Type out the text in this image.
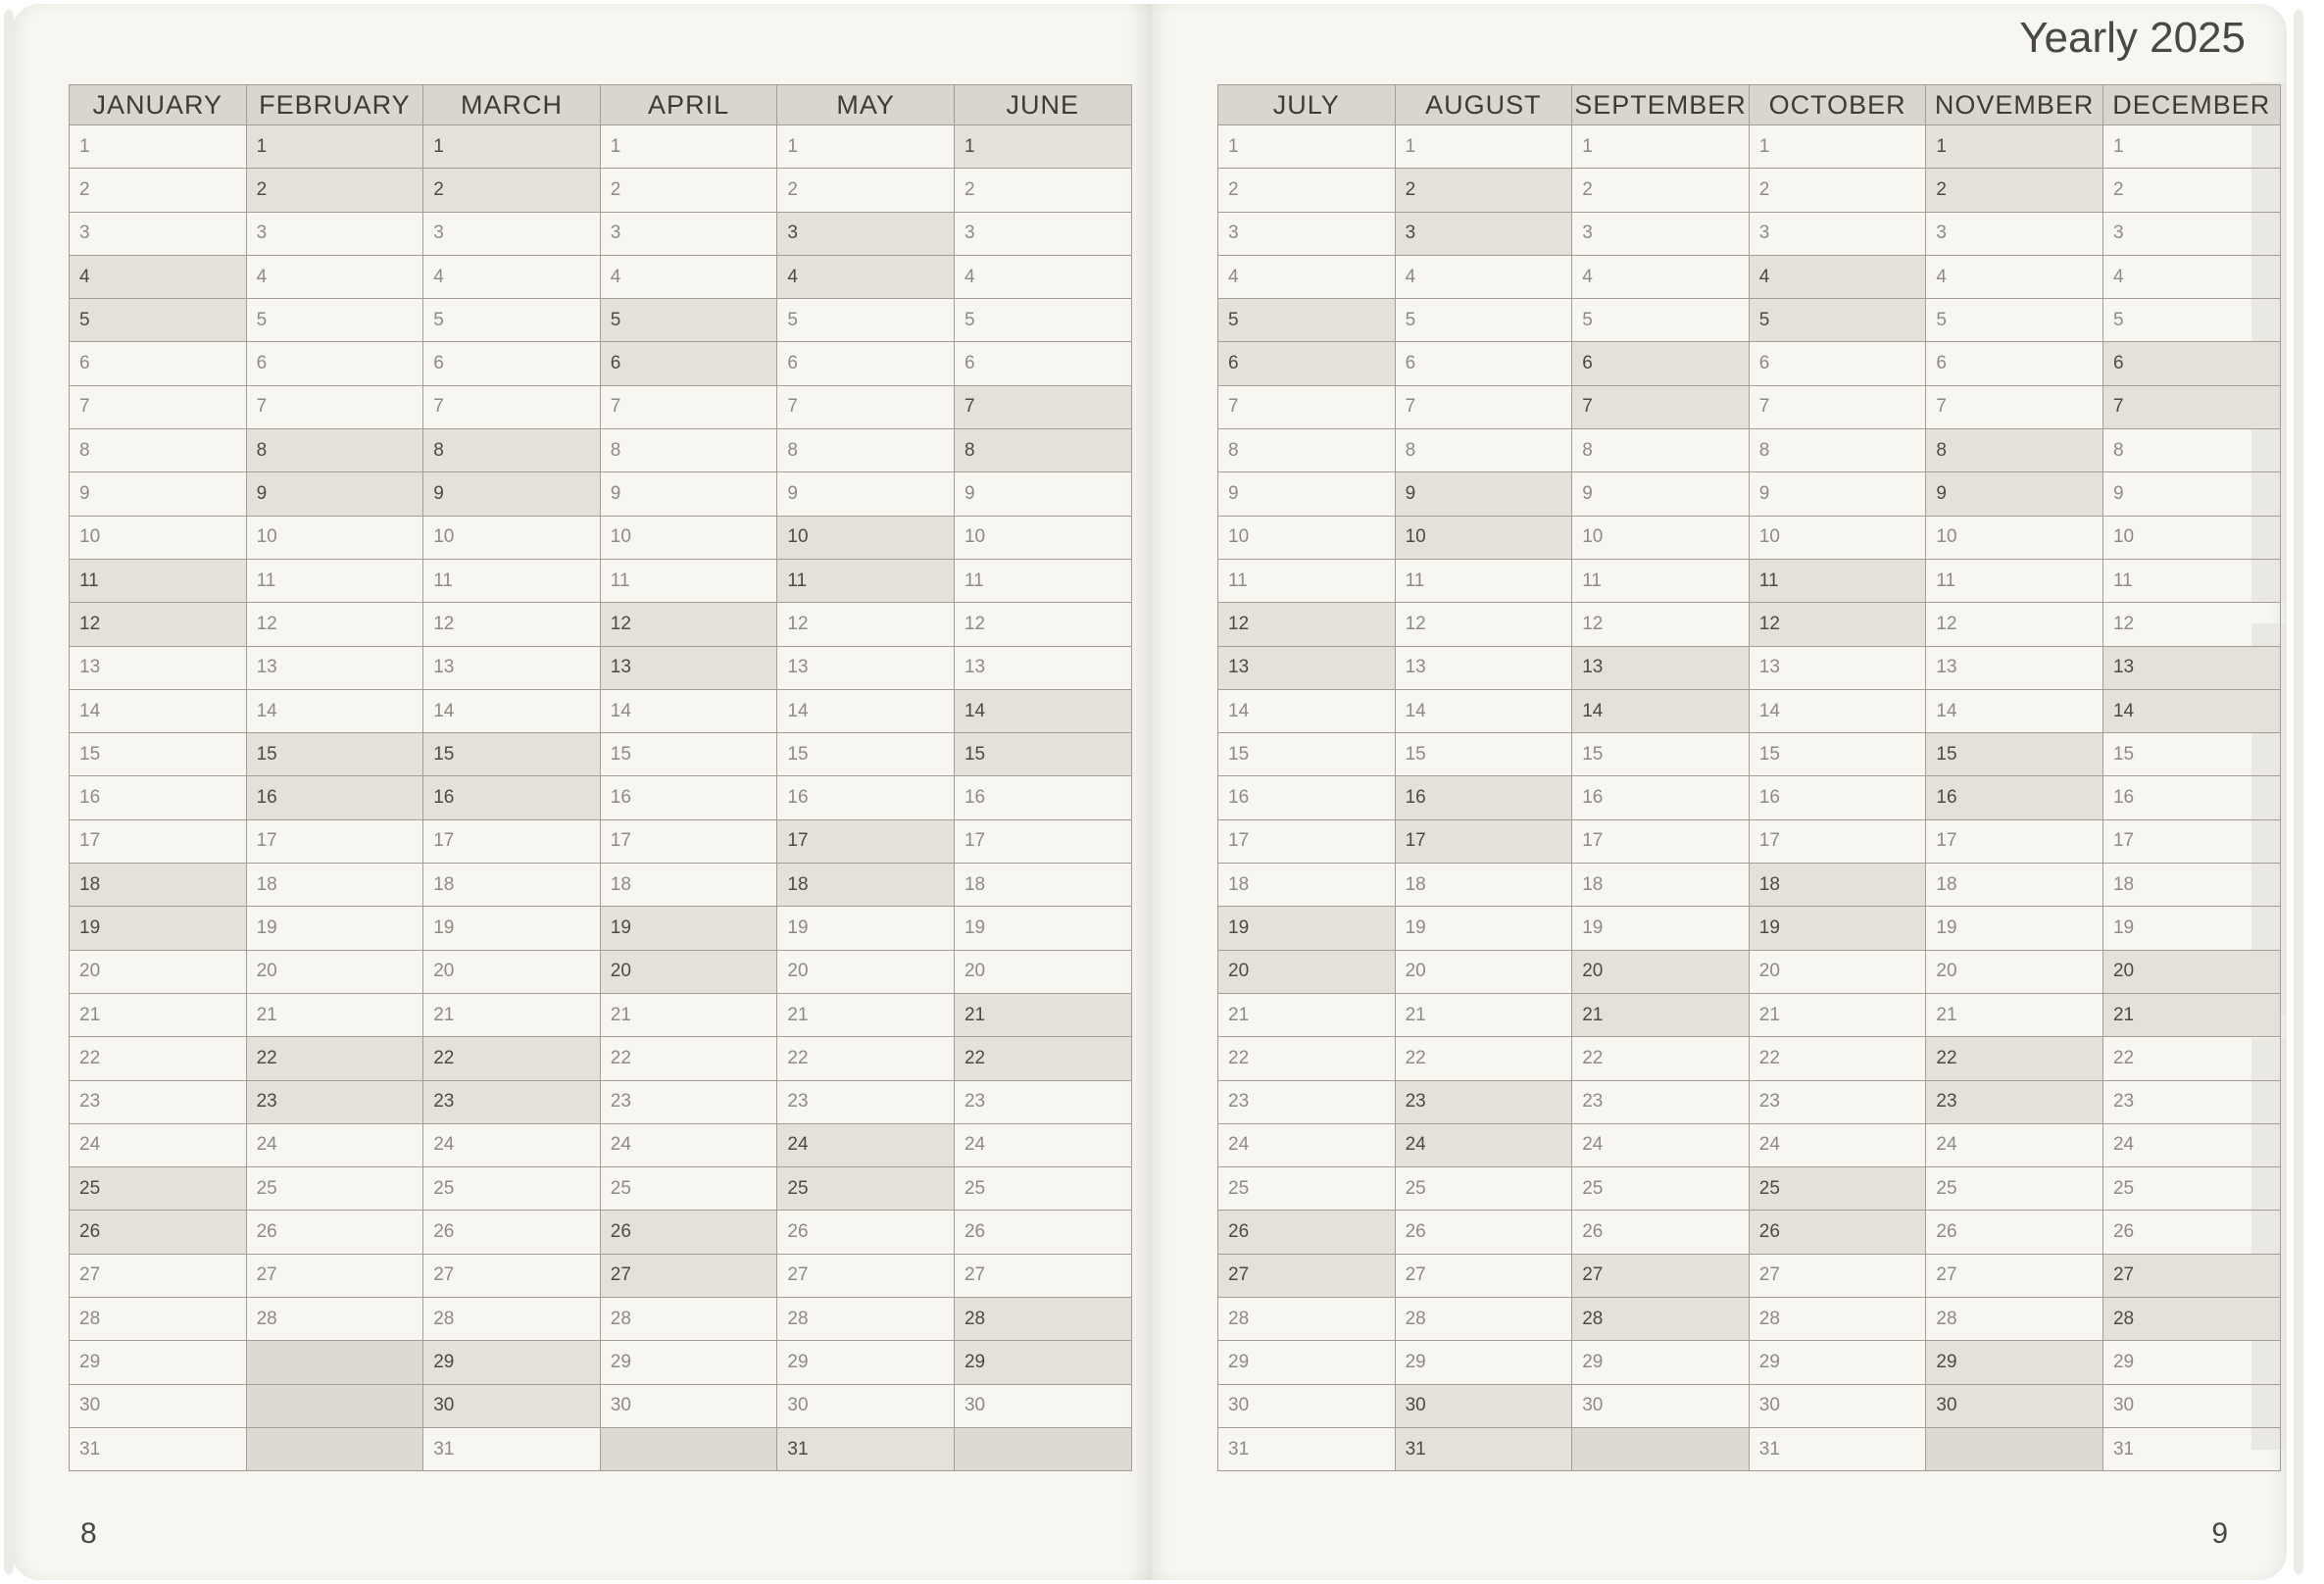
8	9
Yearly 2025
JANUARY	FEBRUARY	MARCH	APRIL	MAY	JUNE
1	1	1	1	1	1
2	2	2	2	2	2
3	3	3	3	3	3
4	4	4	4	4	4
5	5	5	5	5	5
6	6	6	6	6	6
7	7	7	7	7	7
8	8	8	8	8	8
9	9	9	9	9	9
10	10	10	10	10	10
11	11	11	11	11	11
12	12	12	12	12	12
13	13	13	13	13	13
14	14	14	14	14	14
15	15	15	15	15	15
16	16	16	16	16	16
17	17	17	17	17	17
18	18	18	18	18	18
19	19	19	19	19	19
20	20	20	20	20	20
21	21	21	21	21	21
22	22	22	22	22	22
23	23	23	23	23	23
24	24	24	24	24	24
25	25	25	25	25	25
26	26	26	26	26	26
27	27	27	27	27	27
28	28	28	28	28	28
29		29	29	29	29
30		30	30	30	30
31		31		31	
JULY	AUGUST	SEPTEMBER	OCTOBER	NOVEMBER	DECEMBER
1	1	1	1	1	1
2	2	2	2	2	2
3	3	3	3	3	3
4	4	4	4	4	4
5	5	5	5	5	5
6	6	6	6	6	6
7	7	7	7	7	7
8	8	8	8	8	8
9	9	9	9	9	9
10	10	10	10	10	10
11	11	11	11	11	11
12	12	12	12	12	12
13	13	13	13	13	13
14	14	14	14	14	14
15	15	15	15	15	15
16	16	16	16	16	16
17	17	17	17	17	17
18	18	18	18	18	18
19	19	19	19	19	19
20	20	20	20	20	20
21	21	21	21	21	21
22	22	22	22	22	22
23	23	23	23	23	23
24	24	24	24	24	24
25	25	25	25	25	25
26	26	26	26	26	26
27	27	27	27	27	27
28	28	28	28	28	28
29	29	29	29	29	29
30	30	30	30	30	30
31	31		31		31
